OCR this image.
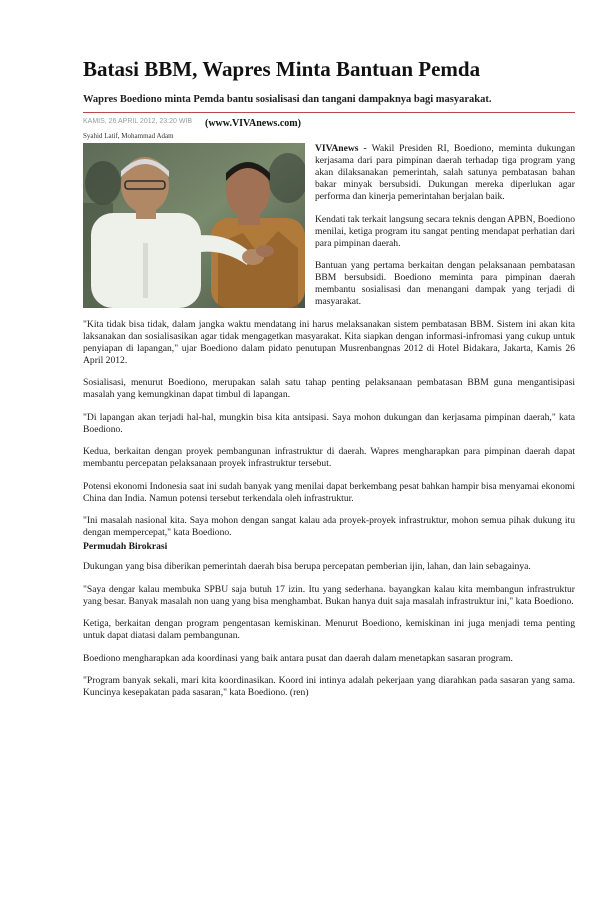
Batasi BBM, Wapres Minta Bantuan Pemda
Wapres Boediono minta Pemda bantu sosialisasi dan tangani dampaknya bagi masyarakat.
KAMIS, 26 APRIL 2012, 23:20 WIB (www.VIVAnews.com)
Syahid Latif, Mohammad Adam

VIVAnews - Wakil Presiden RI, Boediono, meminta dukungan kerjasama dari para pimpinan daerah terhadap tiga program yang akan dilaksanakan pemerintah, salah satunya pembatasan bahan bakar minyak bersubsidi. Dukungan mereka diperlukan agar performa dan kinerja pemerintahan berjalan baik.

Kendati tak terkait langsung secara teknis dengan APBN, Boediono menilai, ketiga program itu sangat penting mendapat perhatian dari para pimpinan daerah.

Bantuan yang pertama berkaitan dengan pelaksanaan pembatasan BBM bersubsidi. Boediono meminta para pimpinan daerah membantu sosialisasi dan menangani dampak yang terjadi di masyarakat.

"Kita tidak bisa tidak, dalam jangka waktu mendatang ini harus melaksanakan sistem pembatasan BBM. Sistem ini akan kita laksanakan dan sosialisasikan agar tidak mengagetkan masyarakat. Kita siapkan dengan informasi-infromasi yang cukup untuk penyiapan di lapangan," ujar Boediono dalam pidato penutupan Musrenbangnas 2012 di Hotel Bidakara, Jakarta, Kamis 26 April 2012.

Sosialisasi, menurut Boediono, merupakan salah satu tahap penting pelaksanaan pembatasan BBM guna mengantisipasi masalah yang kemungkinan dapat timbul di lapangan.

"Di lapangan akan terjadi hal-hal, mungkin bisa kita antsipasi. Saya mohon dukungan dan kerjasama pimpinan daerah," kata Boediono.

Kedua, berkaitan dengan proyek pembangunan infrastruktur di daerah. Wapres mengharapkan para pimpinan daerah dapat membantu percepatan pelaksanaan proyek infrastruktur tersebut.

Potensi ekonomi Indonesia saat ini sudah banyak yang menilai dapat berkembang pesat bahkan hampir bisa menyamai ekonomi China dan India. Namun potensi tersebut terkendala oleh infrastruktur.

"Ini masalah nasional kita. Saya mohon dengan sangat kalau ada proyek-proyek infrastruktur, mohon semua pihak dukung itu dengan mempercepat," kata Boediono.

Permudah Birokrasi

Dukungan yang bisa diberikan pemerintah daerah bisa berupa percepatan pemberian ijin, lahan, dan lain sebagainya.

"Saya dengar kalau membuka SPBU saja butuh 17 izin. Itu yang sederhana. bayangkan kalau kita membangun infrastruktur yang besar. Banyak masalah non uang yang bisa menghambat. Bukan hanya duit saja masalah infrastruktur ini," kata Boediono.

Ketiga, berkaitan dengan program pengentasan kemiskinan. Menurut Boediono, kemiskinan ini juga menjadi tema penting untuk dapat diatasi dalam pembangunan.

Boediono mengharapkan ada koordinasi yang baik antara pusat dan daerah dalam menetapkan sasaran program.

"Program banyak sekali, mari kita koordinasikan. Koord ini intinya adalah pekerjaan yang diarahkan pada sasaran yang sama. Kuncinya kesepakatan pada sasaran," kata Boediono. (ren)
